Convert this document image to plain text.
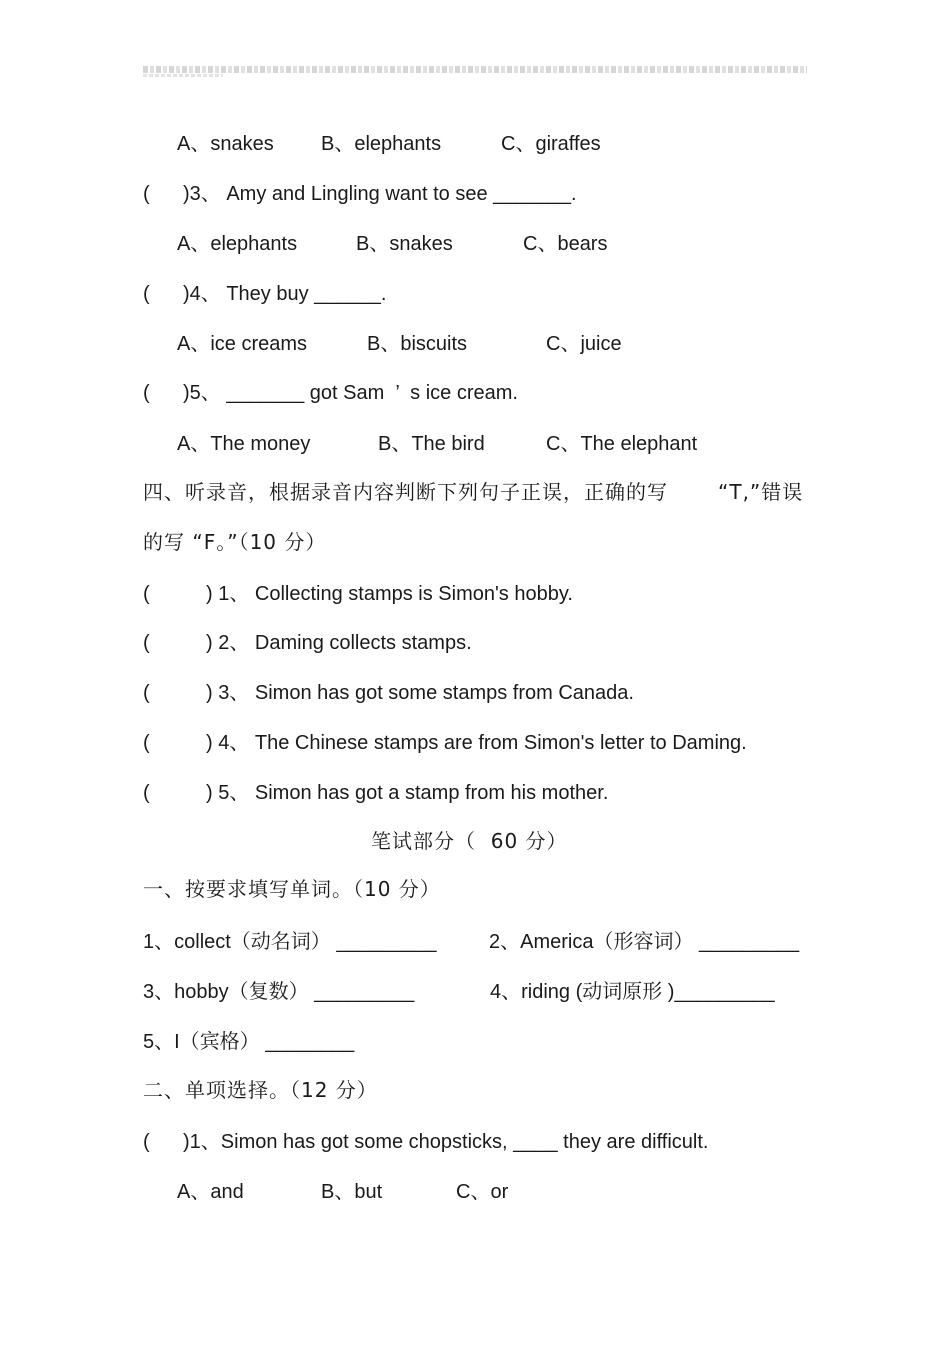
A、snakes B、elephants	C、giraffes
( )3、 Amy and Lingling want to see _______.
A、elephants	B、snakes	C、bears
( )4、 They buy ______.
A、ice creams	B、biscuits	C、juice
( )5、 _______ got Sam  ’  s ice cream.
A、The money	B、The bird	C、The elephant
四、听录音，根据录音内容判断下列句子正误，正确的写	“T,”错误
的写 “F。”（10 分）
(	) 1、 Collecting stamps is Simon's hobby.
(	) 2、 Daming collects stamps.
(	) 3、 Simon has got some stamps from Canada.
(	) 4、 The Chinese stamps are from Simon's letter to Daming.
(	) 5、 Simon has got a stamp from his mother.
笔试部分（  60 分）
一、按要求填写单词。（10 分）
1、collect（动名词） _________	2、America（形容词） _________
3、hobby（复数） _________	4、riding (动词原形 )_________
5、I（宾格） ________
二、单项选择。（12 分）
( )1、Simon has got some chopsticks, ____ they are difficult.
A、and	B、but	C、or
